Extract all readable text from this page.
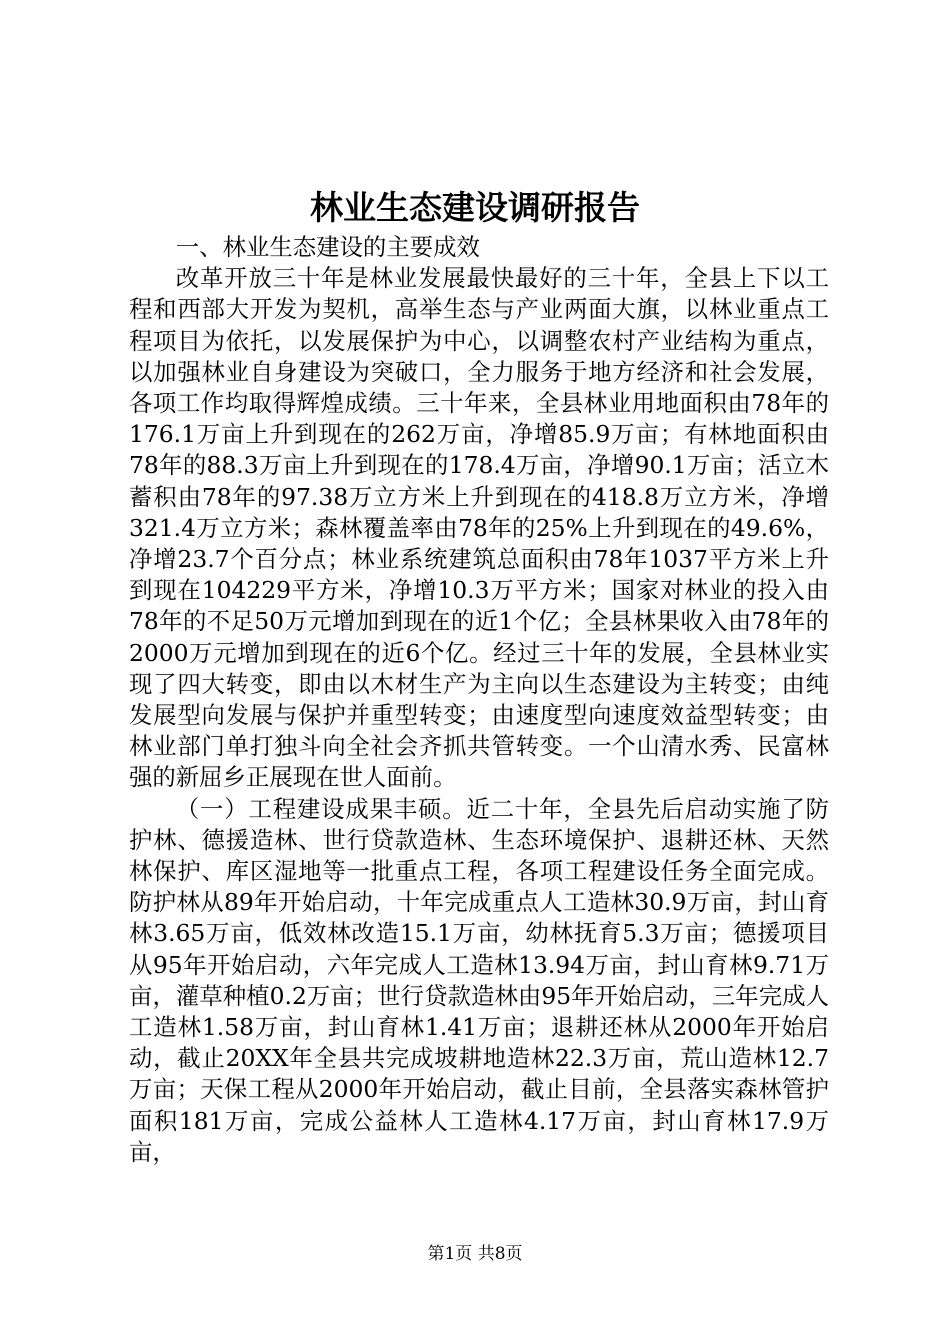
林业生态建设调研报告

一、林业生态建设的主要成效

改革开放三十年是林业发展最快最好的三十年，全县上下以工程和西部大开发为契机，高举生态与产业两面大旗，以林业重点工程项目为依托，以发展保护为中心，以调整农村产业结构为重点，以加强林业自身建设为突破口，全力服务于地方经济和社会发展，各项工作均取得辉煌成绩。三十年来，全县林业用地面积由78年的176.1万亩上升到现在的262万亩，净增85.9万亩；有林地面积由78年的88.3万亩上升到现在的178.4万亩，净增90.1万亩；活立木蓄积由78年的97.38万立方米上升到现在的418.8万立方米，净增321.4万立方米；森林覆盖率由78年的25%上升到现在的49.6%，净增23.7个百分点；林业系统建筑总面积由78年1037平方米上升到现在104229平方米，净增10.3万平方米；国家对林业的投入由78年的不足50万元增加到现在的近1个亿；全县林果收入由78年的2000万元增加到现在的近6个亿。经过三十年的发展，全县林业实现了四大转变，即由以木材生产为主向以生态建设为主转变；由纯发展型向发展与保护并重型转变；由速度型向速度效益型转变；由林业部门单打独斗向全社会齐抓共管转变。一个山清水秀、民富林强的新屈乡正展现在世人面前。

（一）工程建设成果丰硕。近二十年，全县先后启动实施了防护林、德援造林、世行贷款造林、生态环境保护、退耕还林、天然林保护、库区湿地等一批重点工程，各项工程建设任务全面完成。防护林从89年开始启动，十年完成重点人工造林30.9万亩，封山育林3.65万亩，低效林改造15.1万亩，幼林抚育5.3万亩；德援项目从95年开始启动，六年完成人工造林13.94万亩，封山育林9.71万亩，灌草种植0.2万亩；世行贷款造林由95年开始启动，三年完成人工造林1.58万亩，封山育林1.41万亩；退耕还林从2000年开始启动，截止20XX年全县共完成坡耕地造林22.3万亩，荒山造林12.7万亩；天保工程从2000年开始启动，截止目前，全县落实森林管护面积181万亩，完成公益林人工造林4.17万亩，封山育林17.9万亩，

第1页 共8页
